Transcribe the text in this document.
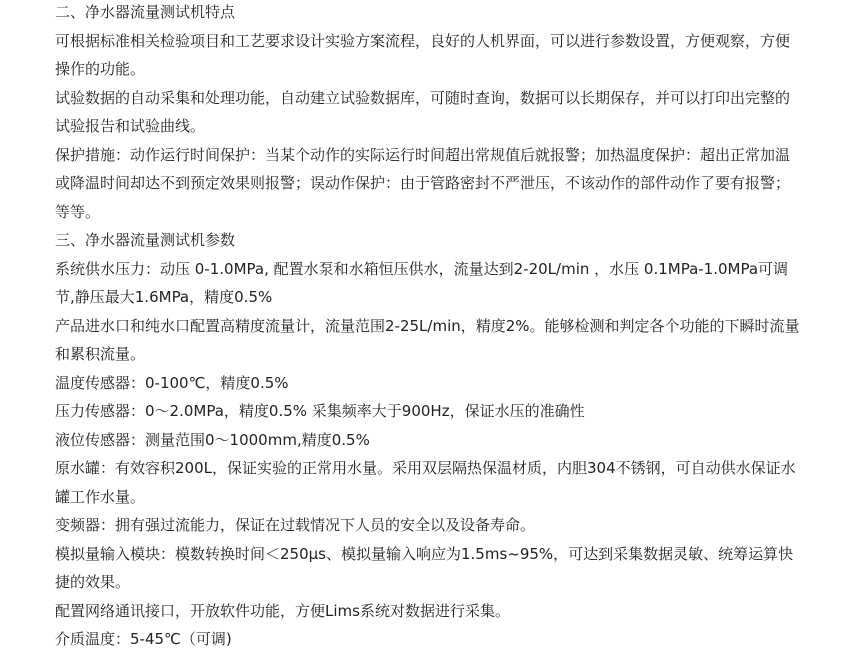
二、净水器流量测试机特点

可根据标准相关检验项目和工艺要求设计实验方案流程，良好的人机界面，可以进行参数设置，方便观察，方便操作的功能。

试验数据的自动采集和处理功能，自动建立试验数据库，可随时查询，数据可以长期保存，并可以打印出完整的试验报告和试验曲线。

保护措施：动作运行时间保护：当某个动作的实际运行时间超出常规值后就报警；加热温度保护：超出正常加温或降温时间却达不到预定效果则报警；误动作保护：由于管路密封不严泄压，不该动作的部件动作了要有报警；等等。

三、净水器流量测试机参数

系统供水压力：动压 0-1.0MPa, 配置水泵和水箱恒压供水，流量达到2-20L/min ，水压 0.1MPa-1.0MPa可调节,静压最大1.6MPa，精度0.5%

产品进水口和纯水口配置高精度流量计，流量范围2-25L/min，精度2%。能够检测和判定各个功能的下瞬时流量和累积流量。

温度传感器：0-100℃，精度0.5%

压力传感器：0～2.0MPa，精度0.5% 采集频率大于900Hz，保证水压的准确性

液位传感器：测量范围0～1000mm,精度0.5%

原水罐：有效容积200L，保证实验的正常用水量。采用双层隔热保温材质，内胆304不锈钢，可自动供水保证水罐工作水量。

变频器：拥有强过流能力，保证在过载情况下人员的安全以及设备寿命。

模拟量输入模块：模数转换时间＜250μs、模拟量输入响应为1.5ms~95%，可达到采集数据灵敏、统筹运算快捷的效果。

配置网络通讯接口，开放软件功能，方便Lims系统对数据进行采集。

介质温度：5-45℃（可调)
